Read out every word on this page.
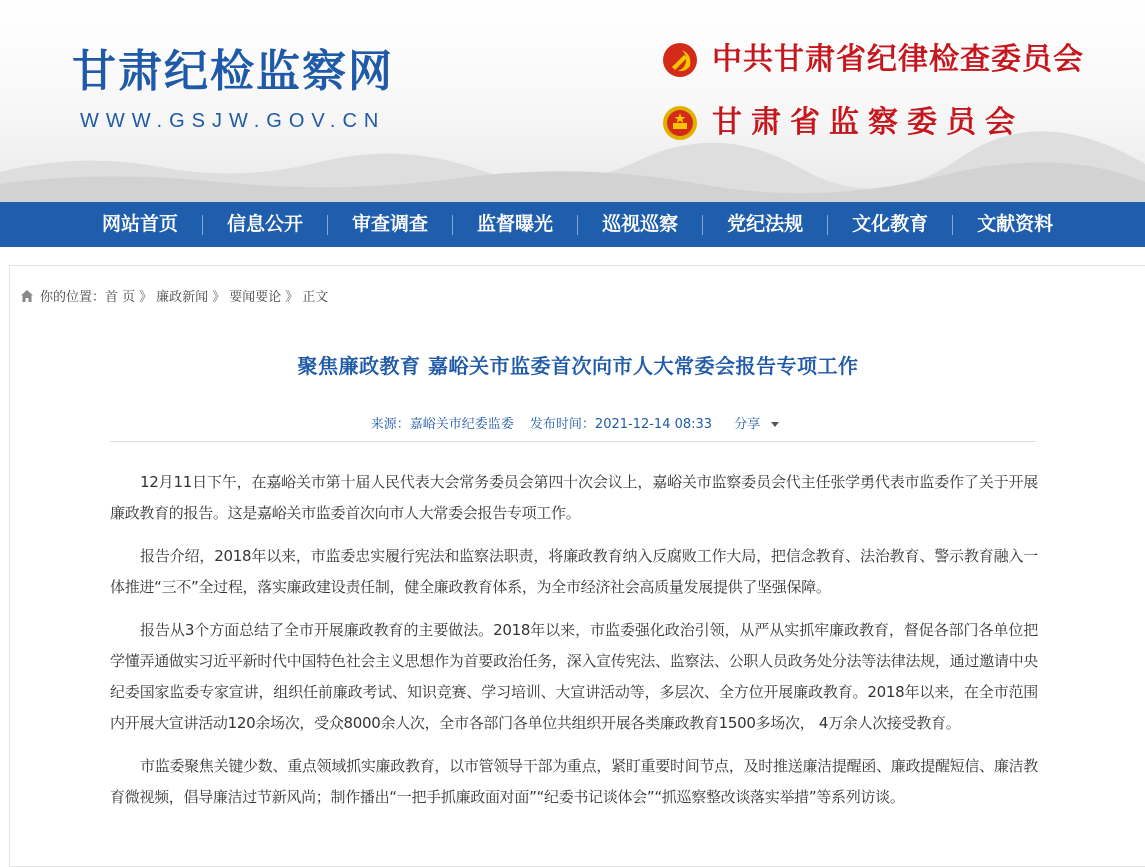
甘肃纪检监察网
WWW.GSJW.GOV.CN
中共甘肃省纪律检查委员会
甘肃省监察委员会
网站首页	信息公开	审查调查	监督曝光	巡视巡察	党纪法规	文化教育	文献资料
你的位置： 首 页 》 廉政新闻 》 要闻要论 》 正文
聚焦廉政教育 嘉峪关市监委首次向市人大常委会报告专项工作
来源：嘉峪关市纪委监委 发布时间：2021-12-14 08:33 分享

12月11日下午，在嘉峪关市第十届人民代表大会常务委员会第四十次会议上，嘉峪关市监察委员会代主任张学勇代表市监委作了关于开展廉政教育的报告。这是嘉峪关市监委首次向市人大常委会报告专项工作。

报告介绍，2018年以来，市监委忠实履行宪法和监察法职责，将廉政教育纳入反腐败工作大局，把信念教育、法治教育、警示教育融入一体推进“三不”全过程，落实廉政建设责任制，健全廉政教育体系，为全市经济社会高质量发展提供了坚强保障。

报告从3个方面总结了全市开展廉政教育的主要做法。2018年以来，市监委强化政治引领，从严从实抓牢廉政教育，督促各部门各单位把学懂弄通做实习近平新时代中国特色社会主义思想作为首要政治任务，深入宣传宪法、监察法、公职人员政务处分法等法律法规，通过邀请中央纪委国家监委专家宣讲，组织任前廉政考试、知识竞赛、学习培训、大宣讲活动等，多层次、全方位开展廉政教育。2018年以来，在全市范围内开展大宣讲活动120余场次，受众8000余人次，全市各部门各单位共组织开展各类廉政教育1500多场次， 4万余人次接受教育。

市监委聚焦关键少数、重点领域抓实廉政教育，以市管领导干部为重点，紧盯重要时间节点，及时推送廉洁提醒函、廉政提醒短信、廉洁教育微视频，倡导廉洁过节新风尚；制作播出“一把手抓廉政面对面”“纪委书记谈体会”“抓巡察整改谈落实举措”等系列访谈。
